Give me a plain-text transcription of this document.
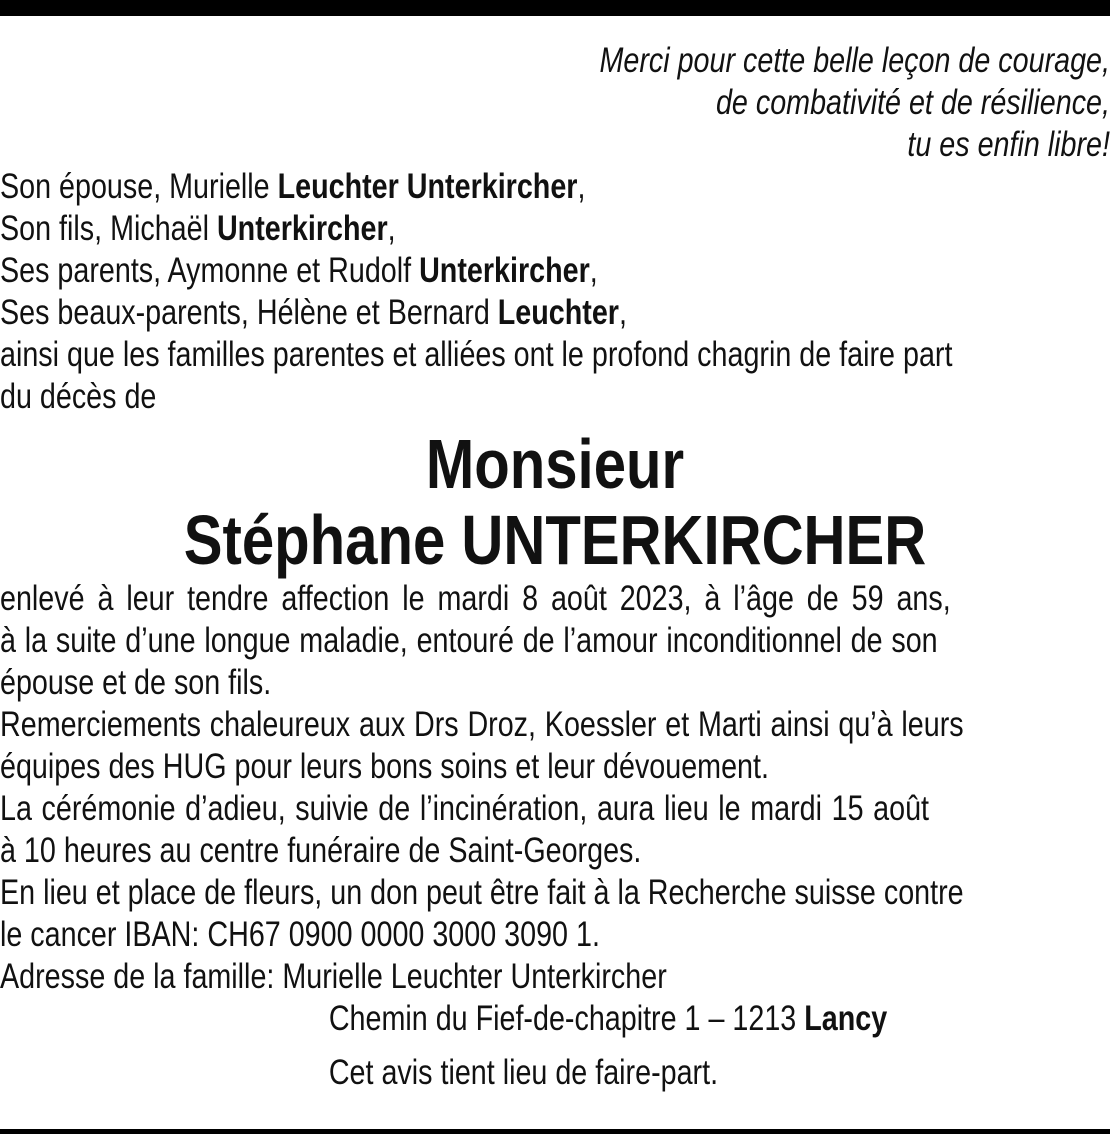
Merci pour cette belle leçon de courage,
de combativité et de résilience,
tu es enfin libre!
Son épouse, Murielle Leuchter Unterkircher,
Son fils, Michaël Unterkircher,
Ses parents, Aymonne et Rudolf Unterkircher,
Ses beaux-parents, Hélène et Bernard Leuchter,
ainsi que les familles parentes et alliées ont le profond chagrin de faire part
du décès de
Monsieur
Stéphane UNTERKIRCHER
enlevé à leur tendre affection le mardi 8 août 2023, à l’âge de 59 ans,
à la suite d’une longue maladie, entouré de l’amour inconditionnel de son
épouse et de son fils.
Remerciements chaleureux aux Drs Droz, Koessler et Marti ainsi qu’à leurs
équipes des HUG pour leurs bons soins et leur dévouement.
La cérémonie d’adieu, suivie de l’incinération, aura lieu le mardi 15 août
à 10 heures au centre funéraire de Saint-Georges.
En lieu et place de fleurs, un don peut être fait à la Recherche suisse contre
le cancer IBAN: CH67 0900 0000 3000 3090 1.
Adresse de la famille: Murielle Leuchter Unterkircher
Chemin du Fief-de-chapitre 1 – 1213 Lancy
Cet avis tient lieu de faire-part.
